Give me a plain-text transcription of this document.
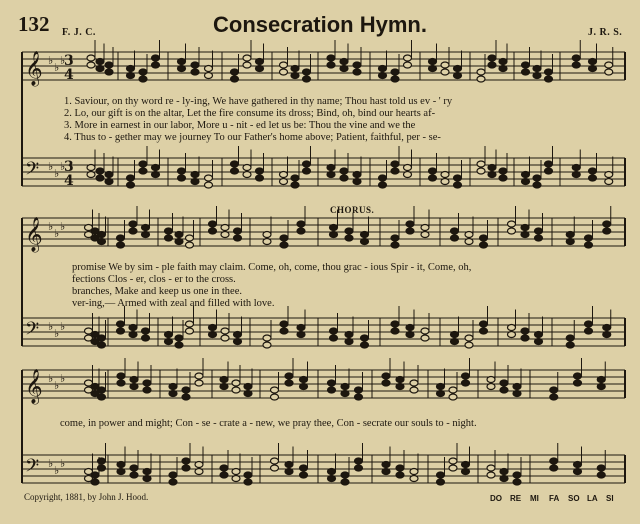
132 F. J. C.	Consecration Hymn.	J. R. S.
𝄞 ♭
♭
♭
𝄢 ♭
♭
♭
𝄞 ♭
♭
♭
𝄢 ♭
♭
♭
𝄞 ♭
♭
♭
𝄢 ♭
♭
♭
3
4
3
4
1. Saviour, on thy word re - ly-ing, We have gathered in thy name; Thou hast told us ev - ' ry
2. Lo, our gift is on the altar, Let the fire consume its dross; Bind, oh, bind our hearts af-
3. More in earnest in our labor, More u - nit - ed let us be: Thou the vine and we the
4. Thus to - gether may we journey To our Father's home above; Patient, faithful, per - se-
CHORUS.
promise We by sim - ple faith may claim. Come, oh, come, thou grac - ious Spir - it, Come, oh,
fections Clos - er, clos - er to the cross.
branches, Make and keep us one in thee.
ver-ing,— Armed with zeal and filled with love.
come, in power and might; Con - se - crate a - new, we pray thee, Con - secrate our souls to - night.
Copyright, 1881, by John J. Hood.	DO RE MI FA SO LA SI
